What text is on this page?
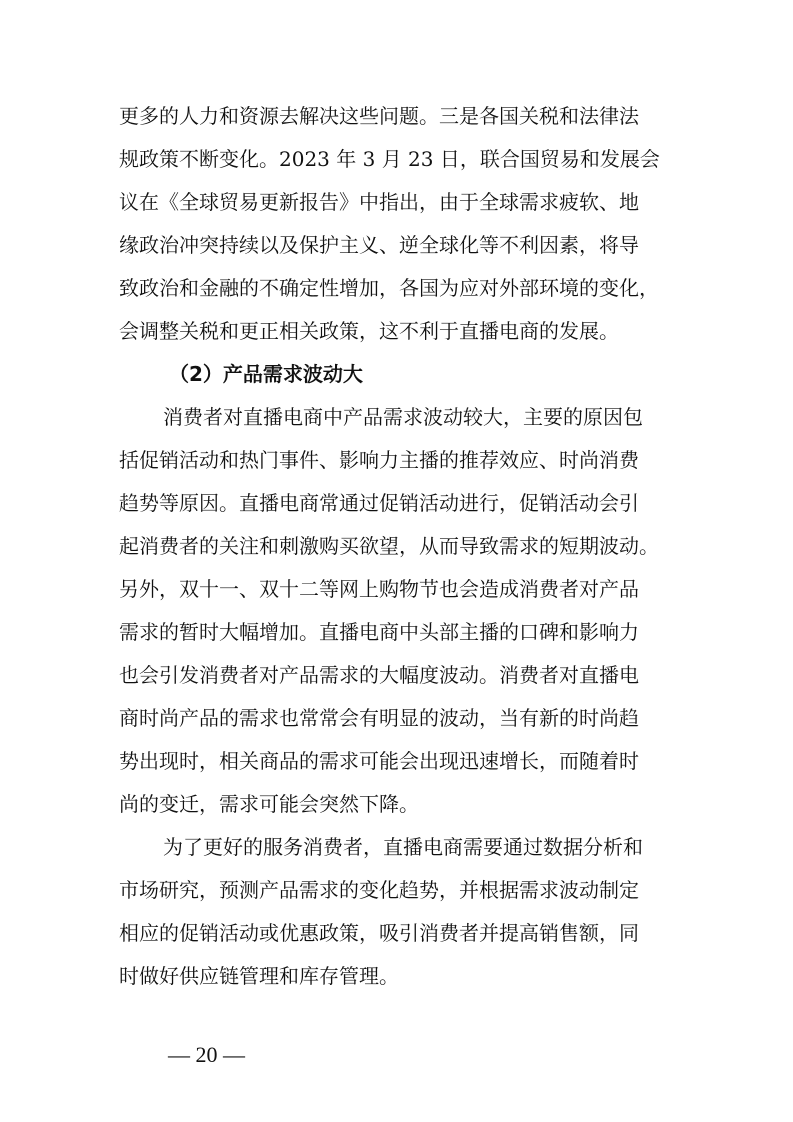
更多的人力和资源去解决这些问题。三是各国关税和法律法
规政策不断变化。2023 年 3 月 23 日，联合国贸易和发展会
议在《全球贸易更新报告》中指出，由于全球需求疲软、地
缘政治冲突持续以及保护主义、逆全球化等不利因素，将导
致政治和金融的不确定性增加，各国为应对外部环境的变化，
会调整关税和更正相关政策，这不利于直播电商的发展。
（2）产品需求波动大
消费者对直播电商中产品需求波动较大，主要的原因包
括促销活动和热门事件、影响力主播的推荐效应、时尚消费
趋势等原因。直播电商常通过促销活动进行，促销活动会引
起消费者的关注和刺激购买欲望，从而导致需求的短期波动。
另外，双十一、双十二等网上购物节也会造成消费者对产品
需求的暂时大幅增加。直播电商中头部主播的口碑和影响力
也会引发消费者对产品需求的大幅度波动。消费者对直播电
商时尚产品的需求也常常会有明显的波动，当有新的时尚趋
势出现时，相关商品的需求可能会出现迅速增长，而随着时
尚的变迁，需求可能会突然下降。
为了更好的服务消费者，直播电商需要通过数据分析和
市场研究，预测产品需求的变化趋势，并根据需求波动制定
相应的促销活动或优惠政策，吸引消费者并提高销售额，同
时做好供应链管理和库存管理。
— 20 —
